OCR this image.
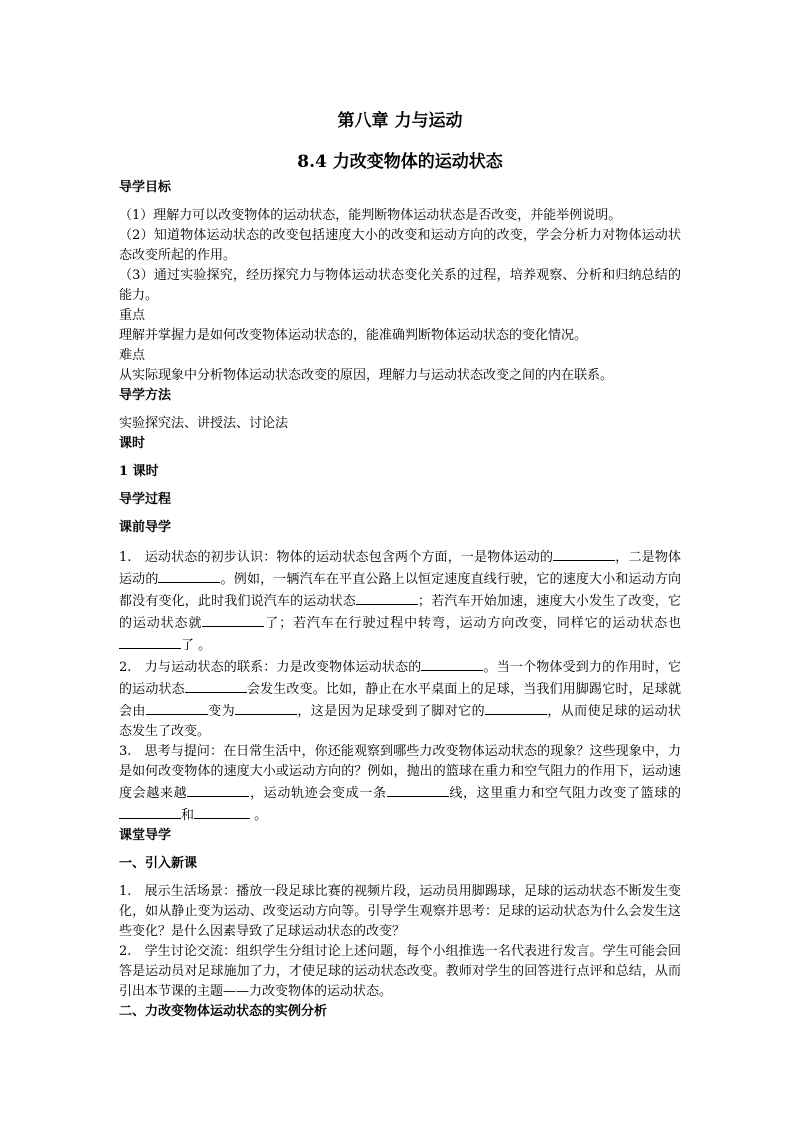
第八章 力与运动
8.4 力改变物体的运动状态

导学目标

（1）理解力可以改变物体的运动状态，能判断物体运动状态是否改变，并能举例说明。

（2）知道物体运动状态的改变包括速度大小的改变和运动方向的改变，学会分析力对物体运动状态改变所起的作用。

（3）通过实验探究，经历探究力与物体运动状态变化关系的过程，培养观察、分析和归纳总结的能力。

重点

理解并掌握力是如何改变物体运动状态的，能准确判断物体运动状态的变化情况。

难点

从实际现象中分析物体运动状态改变的原因，理解力与运动状态改变之间的内在联系。

导学方法

实验探究法、讲授法、讨论法

课时

1 课时

导学过程

课前导学

1.　运动状态的初步认识：物体的运动状态包含两个方面，一是物体运动的	，二是物体运动的	。例如，一辆汽车在平直公路上以恒定速度直线行驶，它的速度大小和运动方向都没有变化，此时我们说汽车的运动状态	；若汽车开始加速，速度大小发生了改变，它的运动状态就	了；若汽车在行驶过程中转弯，运动方向改变，同样它的运动状态也了 。

2.　力与运动状态的联系：力是改变物体运动状态的	。当一个物体受到力的作用时，它的运动状态	会发生改变。比如，静止在水平桌面上的足球，当我们用脚踢它时，足球就会由	变为	，这是因为足球受到了脚对它的	，从而使足球的运动状态发生了改变。

3.　思考与提问：在日常生活中，你还能观察到哪些力改变物体运动状态的现象？这些现象中，力是如何改变物体的速度大小或运动方向的？例如，抛出的篮球在重力和空气阻力的作用下，运动速度会越来越	，运动轨迹会变成一条	线，这里重力和空气阻力改变了篮球的和	。

课堂导学

一、引入新课

1.　展示生活场景：播放一段足球比赛的视频片段，运动员用脚踢球，足球的运动状态不断发生变化，如从静止变为运动、改变运动方向等。引导学生观察并思考：足球的运动状态为什么会发生这些变化？是什么因素导致了足球运动状态的改变？

2.　学生讨论交流：组织学生分组讨论上述问题，每个小组推选一名代表进行发言。学生可能会回答是运动员对足球施加了力，才使足球的运动状态改变。教师对学生的回答进行点评和总结，从而引出本节课的主题——力改变物体的运动状态。

二、力改变物体运动状态的实例分析
